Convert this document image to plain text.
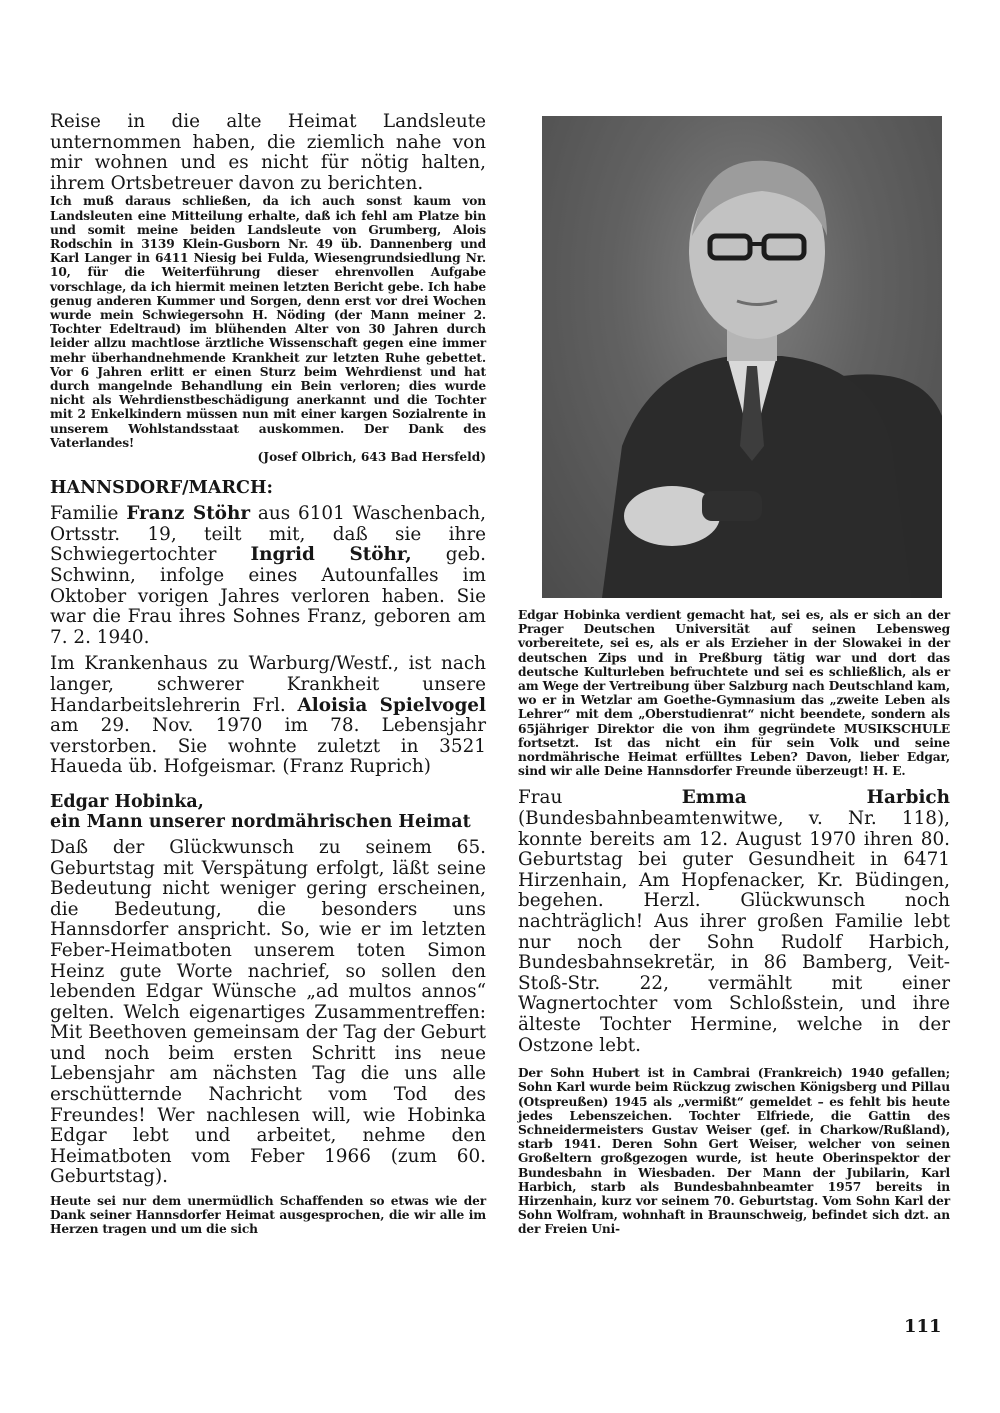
Reise in die alte Heimat Landsleute unternommen haben, die ziemlich nahe von mir wohnen und es nicht für nötig halten, ihrem Ortsbetreuer davon zu berichten.

Ich muß daraus schließen, da ich auch sonst kaum von Landsleuten eine Mitteilung erhalte, daß ich fehl am Platze bin und somit meine beiden Landsleute von Grumberg, Alois Rodschin in 3139 Klein-Gusborn Nr. 49 üb. Dannenberg und Karl Langer in 6411 Niesig bei Fulda, Wiesengrundsiedlung Nr. 10, für die Weiterführung dieser ehrenvollen Aufgabe vorschlage, da ich hiermit meinen letzten Bericht gebe. Ich habe genug anderen Kummer und Sorgen, denn erst vor drei Wochen wurde mein Schwiegersohn H. Nöding (der Mann meiner 2. Tochter Edeltraud) im blühenden Alter von 30 Jahren durch leider allzu machtlose ärztliche Wissenschaft gegen eine immer mehr überhandnehmende Krankheit zur letzten Ruhe gebettet. Vor 6 Jahren erlitt er einen Sturz beim Wehrdienst und hat durch mangelnde Behandlung ein Bein verloren; dies wurde nicht als Wehrdienstbeschädigung anerkannt und die Tochter mit 2 Enkelkindern müssen nun mit einer kargen Sozialrente in unserem Wohlstandsstaat auskommen. Der Dank des Vaterlandes!

(Josef Olbrich, 643 Bad Hersfeld)

HANNSDORF/MARCH:

Familie Franz Stöhr aus 6101 Waschenbach, Ortsstr. 19, teilt mit, daß sie ihre Schwiegertochter Ingrid Stöhr, geb. Schwinn, infolge eines Autounfalles im Oktober vorigen Jahres verloren haben. Sie war die Frau ihres Sohnes Franz, geboren am 7. 2. 1940.

Im Krankenhaus zu Warburg/Westf., ist nach langer, schwerer Krankheit unsere Handarbeitslehrerin Frl. Aloisia Spielvogel am 29. Nov. 1970 im 78. Lebensjahr verstorben. Sie wohnte zuletzt in 3521 Haueda üb. Hofgeismar. (Franz Ruprich)

Edgar Hobinka,

ein Mann unserer nordmährischen Heimat

Daß der Glückwunsch zu seinem 65. Geburtstag mit Verspätung erfolgt, läßt seine Bedeutung nicht weniger gering erscheinen, die Bedeutung, die besonders uns Hannsdorfer anspricht. So, wie er im letzten Feber-Heimatboten unserem toten Simon Heinz gute Worte nachrief, so sollen den lebenden Edgar Wünsche „ad multos annos“ gelten. Welch eigenartiges Zusammentreffen: Mit Beethoven gemeinsam der Tag der Geburt und noch beim ersten Schritt ins neue Lebensjahr am nächsten Tag die uns alle erschütternde Nachricht vom Tod des Freundes! Wer nachlesen will, wie Hobinka Edgar lebt und arbeitet, nehme den Heimatboten vom Feber 1966 (zum 60. Geburtstag).

Heute sei nur dem unermüdlich Schaffenden so etwas wie der Dank seiner Hannsdorfer Heimat ausgesprochen, die wir alle im Herzen tragen und um die sich

Edgar Hobinka verdient gemacht hat, sei es, als er sich an der Prager Deutschen Universität auf seinen Lebensweg vorbereitete, sei es, als er als Erzieher in der Slowakei in der deutschen Zips und in Preßburg tätig war und dort das deutsche Kulturleben befruchtete und sei es schließlich, als er am Wege der Vertreibung über Salzburg nach Deutschland kam, wo er in Wetzlar am Goethe-Gymnasium das „zweite Leben als Lehrer“ mit dem „Oberstudienrat“ nicht beendete, sondern als 65jähriger Direktor die von ihm gegründete MUSIKSCHULE fortsetzt. Ist das nicht ein für sein Volk und seine nordmährische Heimat erfülltes Leben? Davon, lieber Edgar, sind wir alle Deine Hannsdorfer Freunde überzeugt! H. E.

Frau Emma Harbich (Bundesbahnbeamtenwitwe, v. Nr. 118), konnte bereits am 12. August 1970 ihren 80. Geburtstag bei guter Gesundheit in 6471 Hirzenhain, Am Hopfenacker, Kr. Büdingen, begehen. Herzl. Glückwunsch noch nachträglich! Aus ihrer großen Familie lebt nur noch der Sohn Rudolf Harbich, Bundesbahnsekretär, in 86 Bamberg, Veit-Stoß-Str. 22, vermählt mit einer Wagnertochter vom Schloßstein, und ihre älteste Tochter Hermine, welche in der Ostzone lebt.

Der Sohn Hubert ist in Cambrai (Frankreich) 1940 gefallen; Sohn Karl wurde beim Rückzug zwischen Königsberg und Pillau (Otspreußen) 1945 als „vermißt“ gemeldet – es fehlt bis heute jedes Lebenszeichen. Tochter Elfriede, die Gattin des Schneidermeisters Gustav Weiser (gef. in Charkow/Rußland), starb 1941. Deren Sohn Gert Weiser, welcher von seinen Großeltern großgezogen wurde, ist heute Oberinspektor der Bundesbahn in Wiesbaden. Der Mann der Jubilarin, Karl Harbich, starb als Bundesbahnbeamter 1957 bereits in Hirzenhain, kurz vor seinem 70. Geburtstag. Vom Sohn Karl der Sohn Wolfram, wohnhaft in Braunschweig, befindet sich dzt. an der Freien Uni-

111
